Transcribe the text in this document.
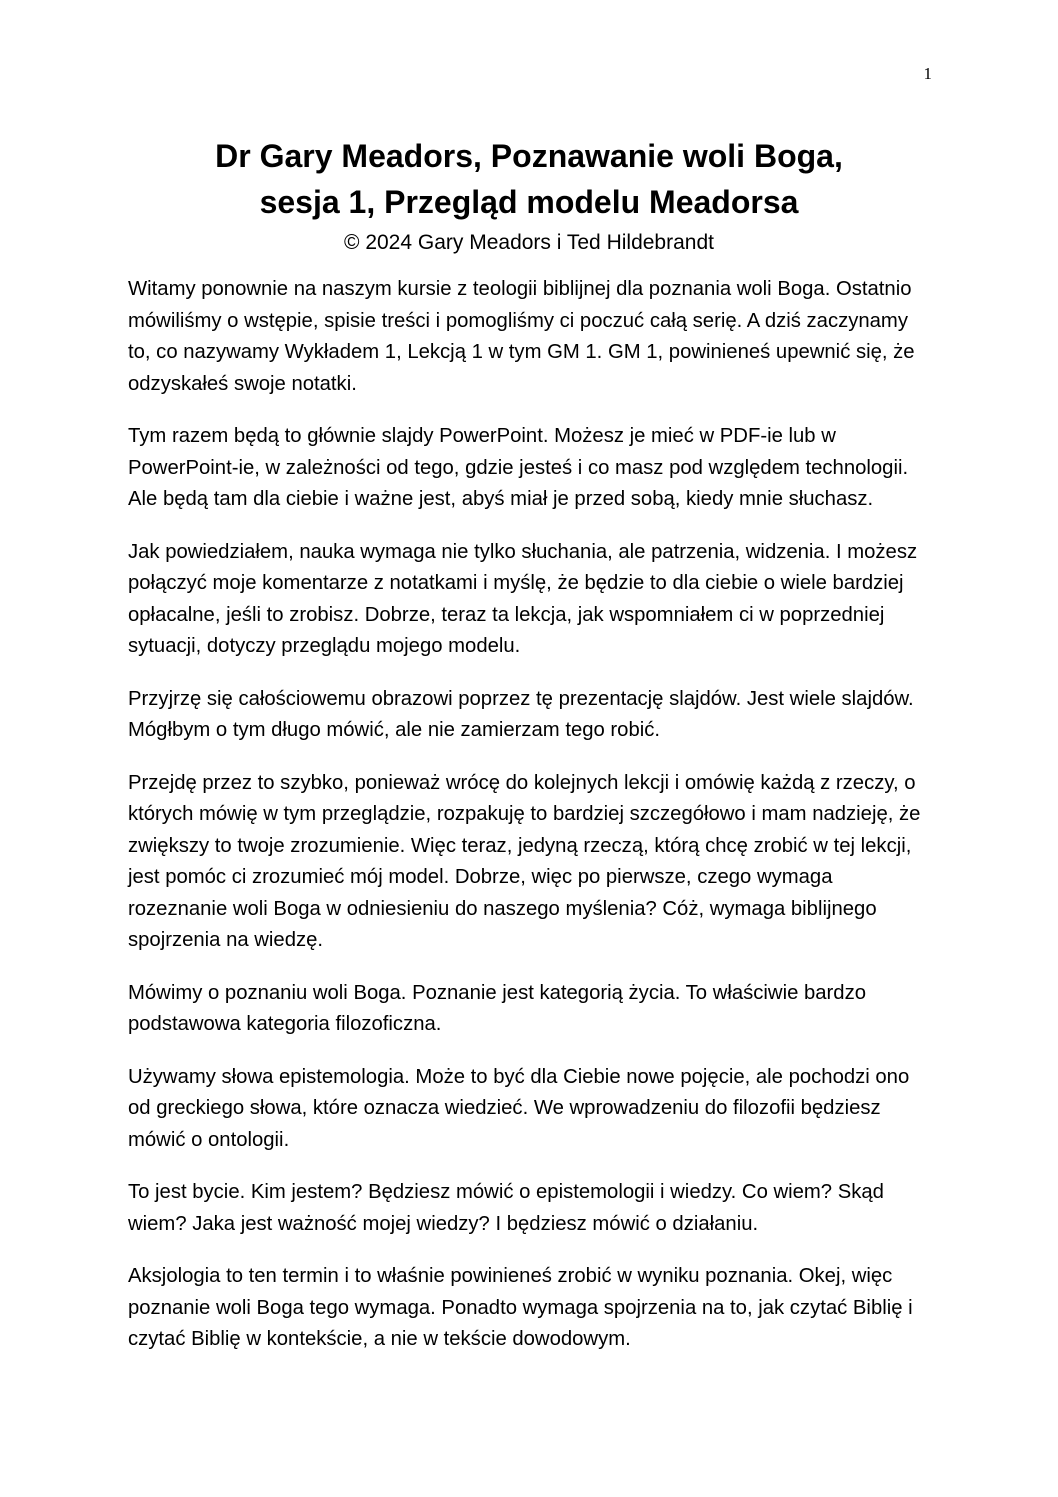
1
Dr Gary Meadors, Poznawanie woli Boga,
sesja 1, Przegląd modelu Meadorsa
© 2024 Gary Meadors i Ted Hildebrandt

Witamy ponownie na naszym kursie z teologii biblijnej dla poznania woli Boga. Ostatnio mówiliśmy o wstępie, spisie treści i pomogliśmy ci poczuć całą serię. A dziś zaczynamy to, co nazywamy Wykładem 1, Lekcją 1 w tym GM 1. GM 1, powinieneś upewnić się, że odzyskałeś swoje notatki.

Tym razem będą to głównie slajdy PowerPoint. Możesz je mieć w PDF-ie lub w PowerPoint-ie, w zależności od tego, gdzie jesteś i co masz pod względem technologii. Ale będą tam dla ciebie i ważne jest, abyś miał je przed sobą, kiedy mnie słuchasz.

Jak powiedziałem, nauka wymaga nie tylko słuchania, ale patrzenia, widzenia. I możesz połączyć moje komentarze z notatkami i myślę, że będzie to dla ciebie o wiele bardziej opłacalne, jeśli to zrobisz. Dobrze, teraz ta lekcja, jak wspomniałem ci w poprzedniej sytuacji, dotyczy przeglądu mojego modelu.

Przyjrzę się całościowemu obrazowi poprzez tę prezentację slajdów. Jest wiele slajdów. Mógłbym o tym długo mówić, ale nie zamierzam tego robić.

Przejdę przez to szybko, ponieważ wrócę do kolejnych lekcji i omówię każdą z rzeczy, o których mówię w tym przeglądzie, rozpakuję to bardziej szczegółowo i mam nadzieję, że zwiększy to twoje zrozumienie. Więc teraz, jedyną rzeczą, którą chcę zrobić w tej lekcji, jest pomóc ci zrozumieć mój model. Dobrze, więc po pierwsze, czego wymaga rozeznanie woli Boga w odniesieniu do naszego myślenia? Cóż, wymaga biblijnego spojrzenia na wiedzę.

Mówimy o poznaniu woli Boga. Poznanie jest kategorią życia. To właściwie bardzo podstawowa kategoria filozoficzna.

Używamy słowa epistemologia. Może to być dla Ciebie nowe pojęcie, ale pochodzi ono od greckiego słowa, które oznacza wiedzieć. We wprowadzeniu do filozofii będziesz mówić o ontologii.

To jest bycie. Kim jestem? Będziesz mówić o epistemologii i wiedzy. Co wiem? Skąd wiem? Jaka jest ważność mojej wiedzy? I będziesz mówić o działaniu.

Aksjologia to ten termin i to właśnie powinieneś zrobić w wyniku poznania. Okej, więc poznanie woli Boga tego wymaga. Ponadto wymaga spojrzenia na to, jak czytać Biblię i czytać Biblię w kontekście, a nie w tekście dowodowym.
